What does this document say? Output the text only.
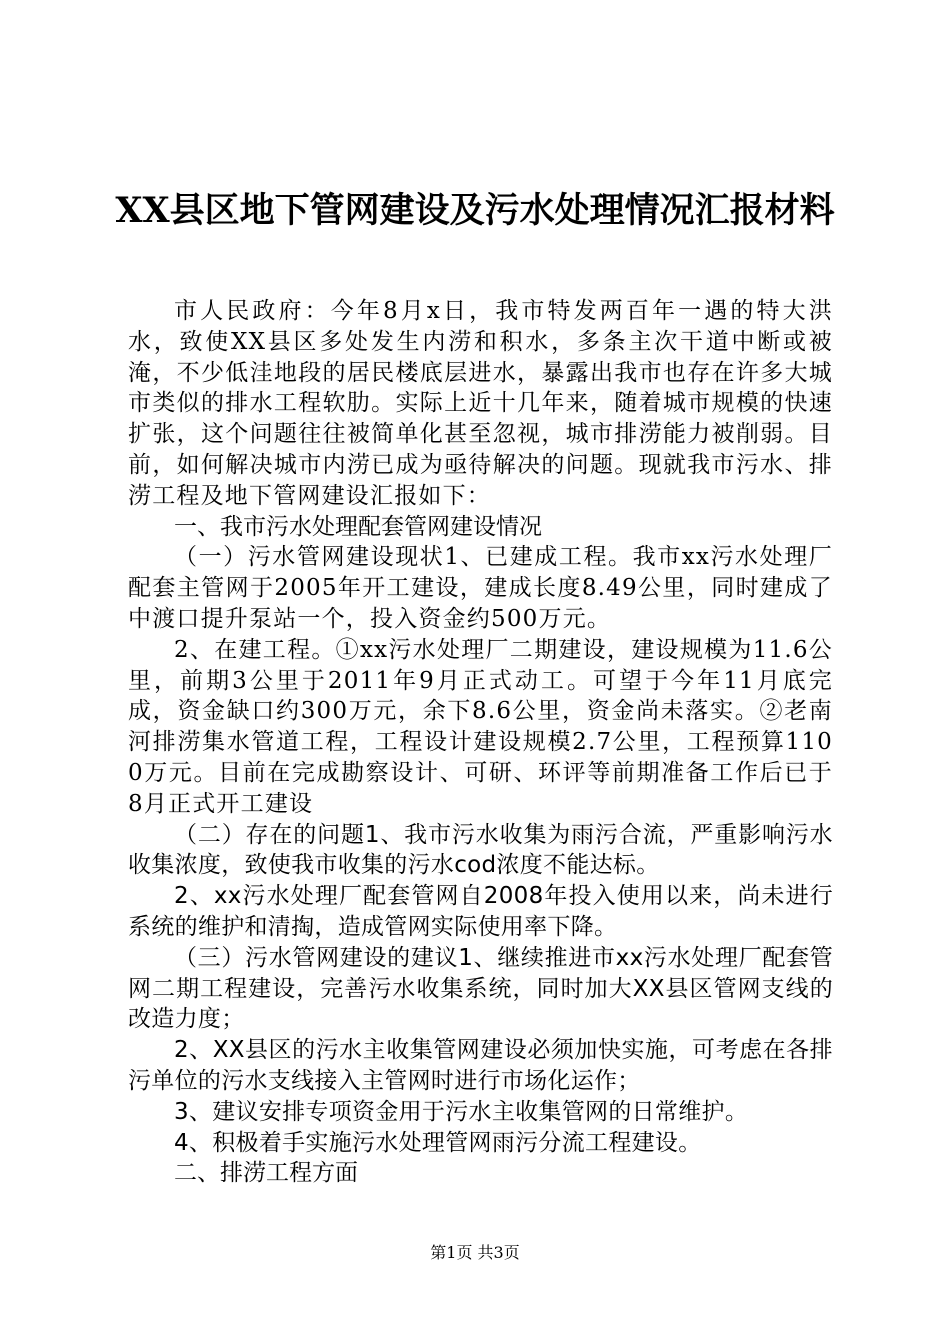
XX县区地下管网建设及污水处理情况汇报材料

市人民政府：今年8月x日，我市特发两百年一遇的特大洪水，致使XX县区多处发生内涝和积水，多条主次干道中断或被淹，不少低洼地段的居民楼底层进水，暴露出我市也存在许多大城市类似的排水工程软肋。实际上近十几年来，随着城市规模的快速扩张，这个问题往往被简单化甚至忽视，城市排涝能力被削弱。目前，如何解决城市内涝已成为亟待解决的问题。现就我市污水、排涝工程及地下管网建设汇报如下：

一、我市污水处理配套管网建设情况

（一）污水管网建设现状1、已建成工程。我市xx污水处理厂配套主管网于2005年开工建设，建成长度8.49公里，同时建成了中渡口提升泵站一个，投入资金约500万元。

2、在建工程。①xx污水处理厂二期建设，建设规模为11.6公里，前期3公里于2011年9月正式动工。可望于今年11月底完成，资金缺口约300万元，余下8.6公里，资金尚未落实。②老南河排涝集水管道工程，工程设计建设规模2.7公里，工程预算1100万元。目前在完成勘察设计、可研、环评等前期准备工作后已于8月正式开工建设

（二）存在的问题1、我市污水收集为雨污合流，严重影响污水收集浓度，致使我市收集的污水cod浓度不能达标。

2、xx污水处理厂配套管网自2008年投入使用以来，尚未进行系统的维护和清掏，造成管网实际使用率下降。

（三）污水管网建设的建议1、继续推进市xx污水处理厂配套管网二期工程建设，完善污水收集系统，同时加大XX县区管网支线的改造力度；

2、XX县区的污水主收集管网建设必须加快实施，可考虑在各排污单位的污水支线接入主管网时进行市场化运作；

3、建议安排专项资金用于污水主收集管网的日常维护。

4、积极着手实施污水处理管网雨污分流工程建设。

二、排涝工程方面

第1页 共3页
